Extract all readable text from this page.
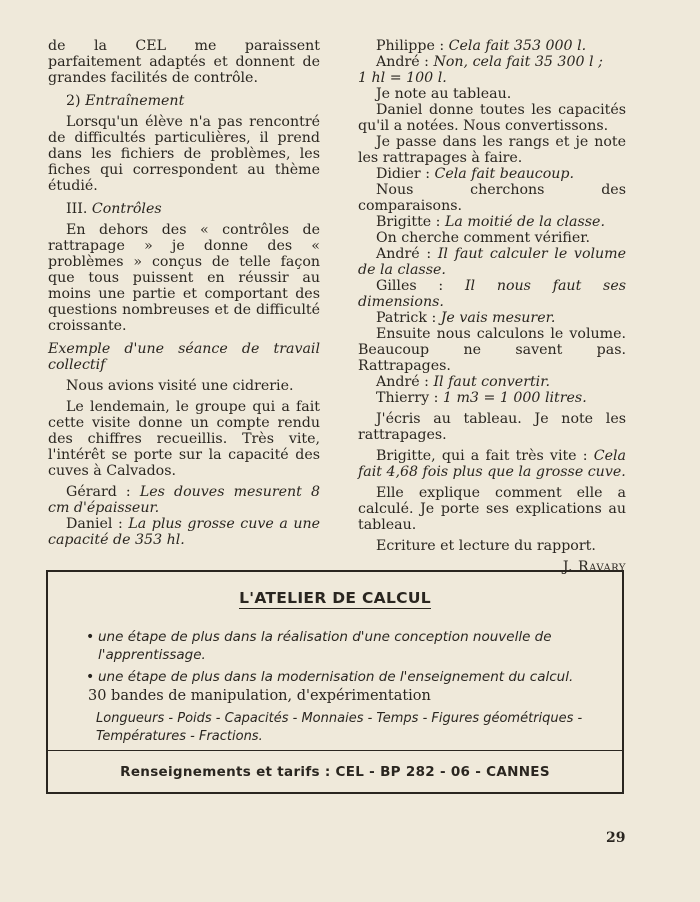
de la CEL me paraissent parfaitement adaptés et donnent de grandes facilités de contrôle.

2) Entraînement

Lorsqu'un élève n'a pas rencontré de difficultés particulières, il prend dans les fichiers de problèmes, les fiches qui correspondent au thème étudié.

III. Contrôles

En dehors des « contrôles de rattrapage » je donne des « problèmes » conçus de telle façon que tous puissent en réussir au moins une partie et comportant des questions nombreuses et de difficulté croissante.

Exemple d'une séance de travail collectif

Nous avions visité une cidrerie.

Le lendemain, le groupe qui a fait cette visite donne un compte rendu des chiffres recueillis. Très vite, l'intérêt se porte sur la capacité des cuves à Calvados.

Gérard : Les douves mesurent 8 cm d'épaisseur.

Daniel : La plus grosse cuve a une capacité de 353 hl.

Philippe : Cela fait 353 000 l.

André : Non, cela fait 35 300 l ;

1 hl = 100 l.

Je note au tableau.

Daniel donne toutes les capacités qu'il a notées. Nous convertissons.

Je passe dans les rangs et je note les rattrapages à faire.

Didier : Cela fait beaucoup.

Nous cherchons des comparaisons.

Brigitte : La moitié de la classe.

On cherche comment vérifier.

André : Il faut calculer le volume de la classe.

Gilles : Il nous faut ses dimensions.

Patrick : Je vais mesurer.

Ensuite nous calculons le volume. Beaucoup ne savent pas. Rattrapages.

André : Il faut convertir.

Thierry : 1 m3 = 1 000 litres.

J'écris au tableau. Je note les rattrapages.

Brigitte, qui a fait très vite : Cela fait 4,68 fois plus que la grosse cuve.

Elle explique comment elle a calculé. Je porte ses explications au tableau.

Ecriture et lecture du rapport.

J. Ravary

L'ATELIER DE CALCUL
• une étape de plus dans la réalisation d'une conception nouvelle de l'apprentissage.
• une étape de plus dans la modernisation de l'enseignement du calcul.
30 bandes de manipulation, d'expérimentation
Longueurs - Poids - Capacités - Monnaies - Temps - Figures géométriques - Températures - Fractions.
Renseignements et tarifs : CEL - BP 282 - 06 - CANNES
29
